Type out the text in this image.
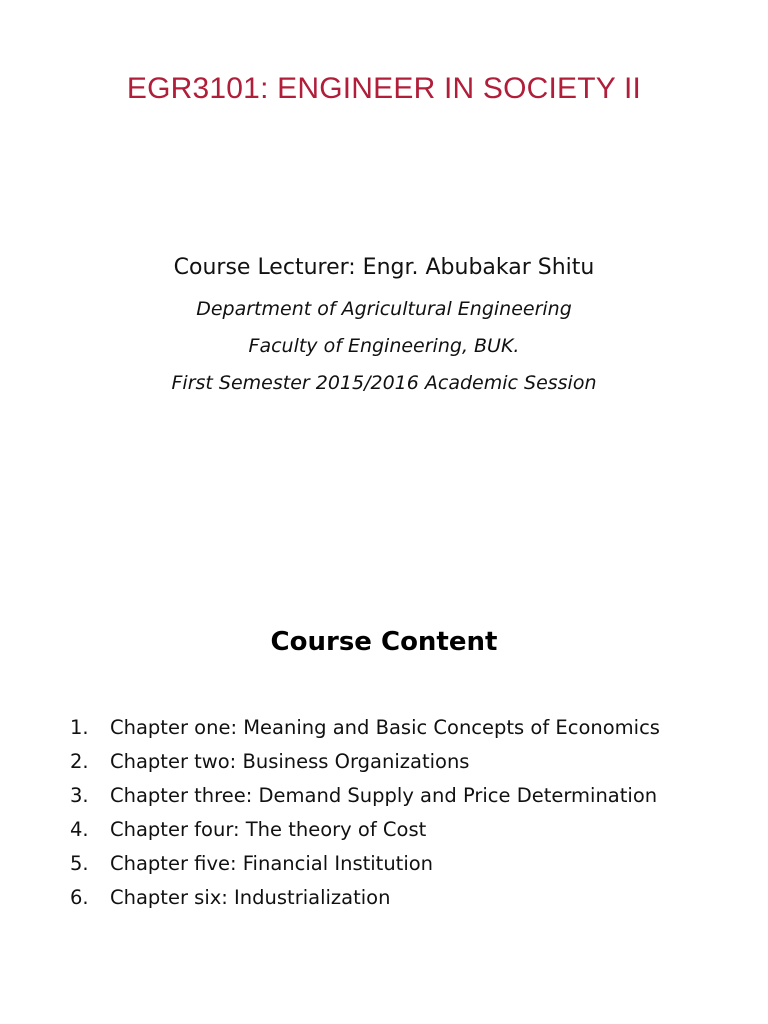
EGR3101: ENGINEER IN SOCIETY II
Course Lecturer: Engr. Abubakar Shitu
Department of Agricultural Engineering
Faculty of Engineering, BUK.
First Semester 2015/2016 Academic Session
Course Content
1. Chapter one: Meaning and Basic Concepts of Economics
2. Chapter two: Business Organizations
3. Chapter three: Demand Supply and Price Determination
4. Chapter four: The theory of Cost
5. Chapter five: Financial Institution
6. Chapter six: Industrialization
